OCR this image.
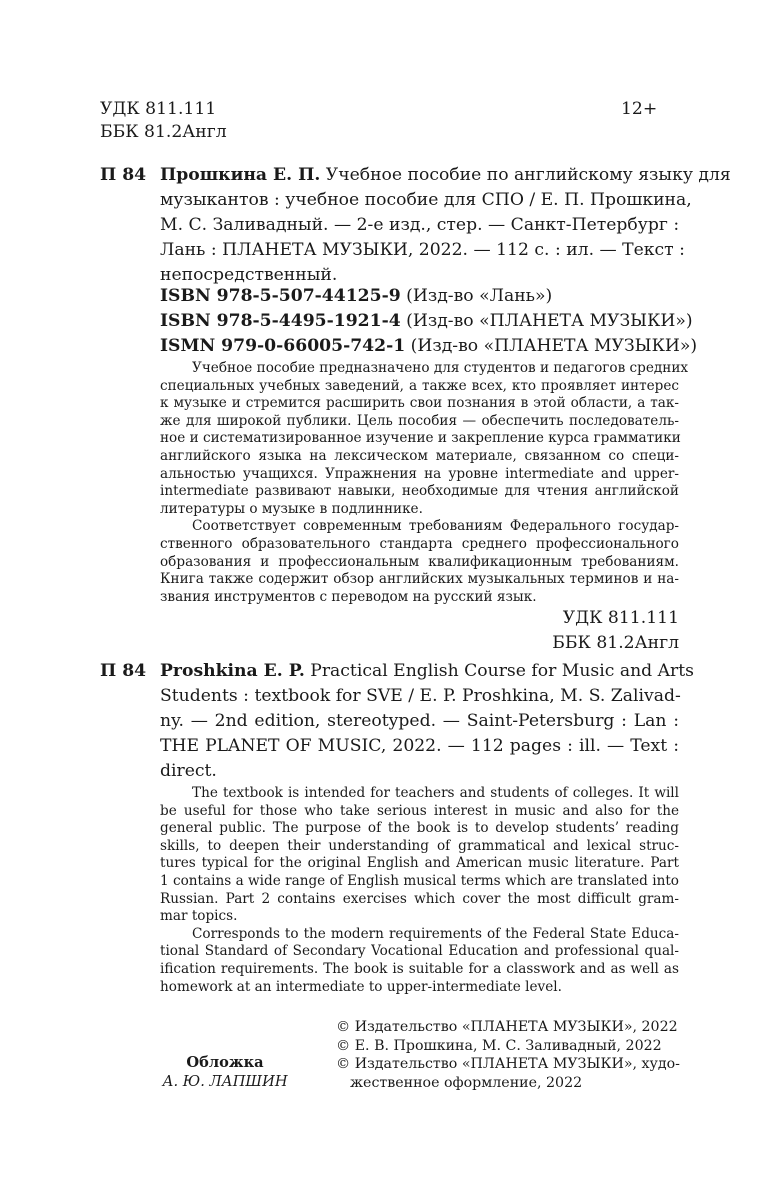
УДК 811.111
ББК 81.2Англ
12+
П 84 Прошкина Е. П. Учебное пособие по английскому языку для
музыкантов : учебное пособие для СПО / Е. П. Прошкина,
М. С. Заливадный. — 2-е изд., стер. — Санкт-Петербург :
Лань : ПЛАНЕТА МУЗЫКИ, 2022. — 112 с. : ил. — Текст :
непосредственный.
ISBN 978-5-507-44125-9 (Изд-во «Лань»)
ISBN 978-5-4495-1921-4 (Изд-во «ПЛАНЕТА МУЗЫКИ»)
ISMN 979-0-66005-742-1 (Изд-во «ПЛАНЕТА МУЗЫКИ»)
Учебное пособие предназначено для студентов и педагогов средних
специальных учебных заведений, а также всех, кто проявляет интерес
к музыке и стремится расширить свои познания в этой области, а так-
же для широкой публики. Цель пособия — обеспечить последователь-
ное и систематизированное изучение и закрепление курса грамматики
английского языка на лексическом материале, связанном со специ-
альностью учащихся. Упражнения на уровне intermediate and upper-
intermediate развивают навыки, необходимые для чтения английской
литературы о музыке в подлиннике.
Соответствует современным требованиям Федерального государ-
ственного образовательного стандарта среднего профессионального
образования и профессиональным квалификационным требованиям.
Книга также содержит обзор английских музыкальных терминов и на-
звания инструментов с переводом на русский язык.
УДК 811.111
ББК 81.2Англ
П 84 Proshkina E. P. Practical English Course for Music and Arts
Students : textbook for SVE / E. P. Proshkina, M. S. Zalivad-
ny. — 2nd edition, stereotyped. — Saint-Petersburg : Lan :
THE PLANET OF MUSIC, 2022. — 112 pages : ill. — Text :
direct.
The textbook is intended for teachers and students of colleges. It will
be useful for those who take serious interest in music and also for the
general public. The purpose of the book is to develop students’ reading
skills, to deepen their understanding of grammatical and lexical struc-
tures typical for the original English and American music literature. Part
1 contains a wide range of English musical terms which are translated into
Russian. Part 2 contains exercises which cover the most difficult gram-
mar topics.
Corresponds to the modern requirements of the Federal State Educa-
tional Standard of Secondary Vocational Education and professional qual-
ification requirements. The book is suitable for a classwork and as well as
homework at an intermediate to upper-intermediate level.
Обложка
А. Ю. ЛАПШИН
© Издательство «ПЛАНЕТА МУЗЫКИ», 2022
© Е. В. Прошкина, М. С. Заливадный, 2022
© Издательство «ПЛАНЕТА МУЗЫКИ», худо-
жественное оформление, 2022
